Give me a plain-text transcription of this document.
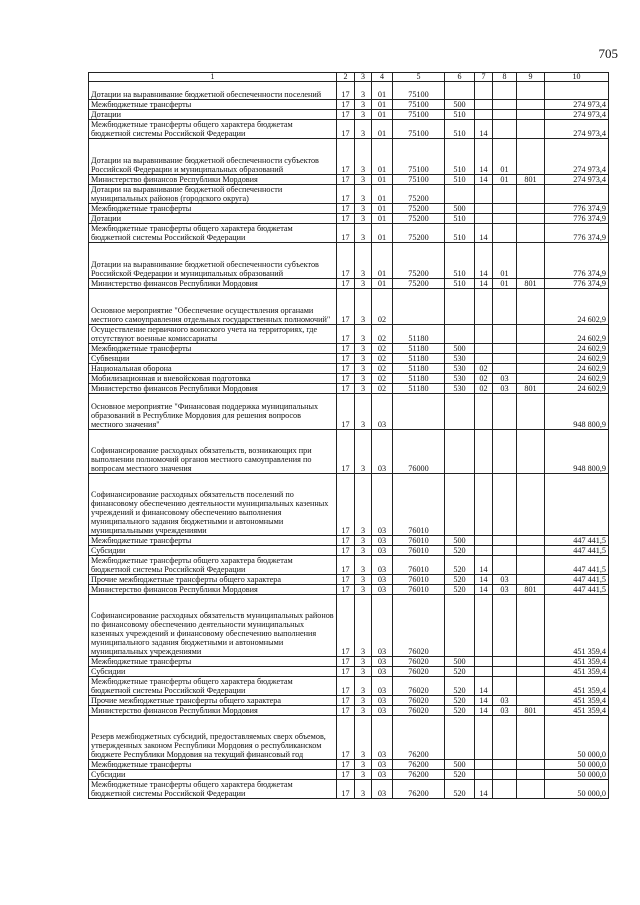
705
1	2	3	4	5	6	7	8	9	10
Дотации на выравнивание бюджетной обеспеченности поселений	17	3	01	75100					
Межбюджетные трансферты	17	3	01	75100	500				274 973,4
Дотации	17	3	01	75100	510				274 973,4
Межбюджетные трансферты общего характера бюджетам бюджетной системы Российской Федерации	17	3	01	75100	510	14			274 973,4
Дотации на выравнивание бюджетной обеспеченности субъектов Российской Федерации и муниципальных образований	17	3	01	75100	510	14	01		274 973,4
Министерство финансов Республики Мордовия	17	3	01	75100	510	14	01	801	274 973,4
Дотации на выравнивание бюджетной обеспеченности муниципальных районов (городского округа)	17	3	01	75200					
Межбюджетные трансферты	17	3	01	75200	500				776 374,9
Дотации	17	3	01	75200	510				776 374,9
Межбюджетные трансферты общего характера бюджетам бюджетной системы Российской Федерации	17	3	01	75200	510	14			776 374,9
Дотации на выравнивание бюджетной обеспеченности субъектов Российской Федерации и муниципальных образований	17	3	01	75200	510	14	01		776 374,9
Министерство финансов Республики Мордовия	17	3	01	75200	510	14	01	801	776 374,9
Основное мероприятие "Обеспечение осуществления органами местного самоуправления отдельных государственных полномочий"	17	3	02						24 602,9
Осуществление первичного воинского учета на территориях, где отсутствуют военные комиссариаты	17	3	02	51180					24 602,9
Межбюджетные трансферты	17	3	02	51180	500				24 602,9
Субвенции	17	3	02	51180	530				24 602,9
Национальная оборона	17	3	02	51180	530	02			24 602,9
Мобилизационная и вневойсковая подготовка	17	3	02	51180	530	02	03		24 602,9
Министерство финансов Республики Мордовия	17	3	02	51180	530	02	03	801	24 602,9
Основное мероприятие "Финансовая поддержка муниципальных образований в Республике Мордовия для решения вопросов местного значения"	17	3	03						948 800,9
Софинансирование расходных обязательств, возникающих при выполнении полномочий органов местного самоуправления по вопросам местного значения	17	3	03	76000					948 800,9
Софинансирование расходных обязательств поселений по финансовому обеспечению деятельности муниципальных казенных учреждений и финансовому обеспечению выполнения муниципального задания бюджетными и автономными муниципальными учреждениями	17	3	03	76010					
Межбюджетные трансферты	17	3	03	76010	500				447 441,5
Субсидии	17	3	03	76010	520				447 441,5
Межбюджетные трансферты общего характера бюджетам бюджетной системы Российской Федерации	17	3	03	76010	520	14			447 441,5
Прочие межбюджетные трансферты общего характера	17	3	03	76010	520	14	03		447 441,5
Министерство финансов Республики Мордовия	17	3	03	76010	520	14	03	801	447 441,5
Софинансирование расходных обязательств муниципальных районов по финансовому обеспечению деятельности муниципальных казенных учреждений и финансовому обеспечению выполнения муниципального задания бюджетными и автономными муниципальных учреждениями	17	3	03	76020					451 359,4
Межбюджетные трансферты	17	3	03	76020	500				451 359,4
Субсидии	17	3	03	76020	520				451 359,4
Межбюджетные трансферты общего характера бюджетам бюджетной системы Российской Федерации	17	3	03	76020	520	14			451 359,4
Прочие межбюджетные трансферты общего характера	17	3	03	76020	520	14	03		451 359,4
Министерство финансов Республики Мордовия	17	3	03	76020	520	14	03	801	451 359,4
Резерв межбюджетных субсидий, предоставляемых сверх объемов, утвержденных законом Республики Мордовия о республиканском бюджете Республики Мордовия на текущий финансовый год	17	3	03	76200					50 000,0
Межбюджетные трансферты	17	3	03	76200	500				50 000,0
Субсидии	17	3	03	76200	520				50 000,0
Межбюджетные трансферты общего характера бюджетам бюджетной системы Российской Федерации	17	3	03	76200	520	14			50 000,0
